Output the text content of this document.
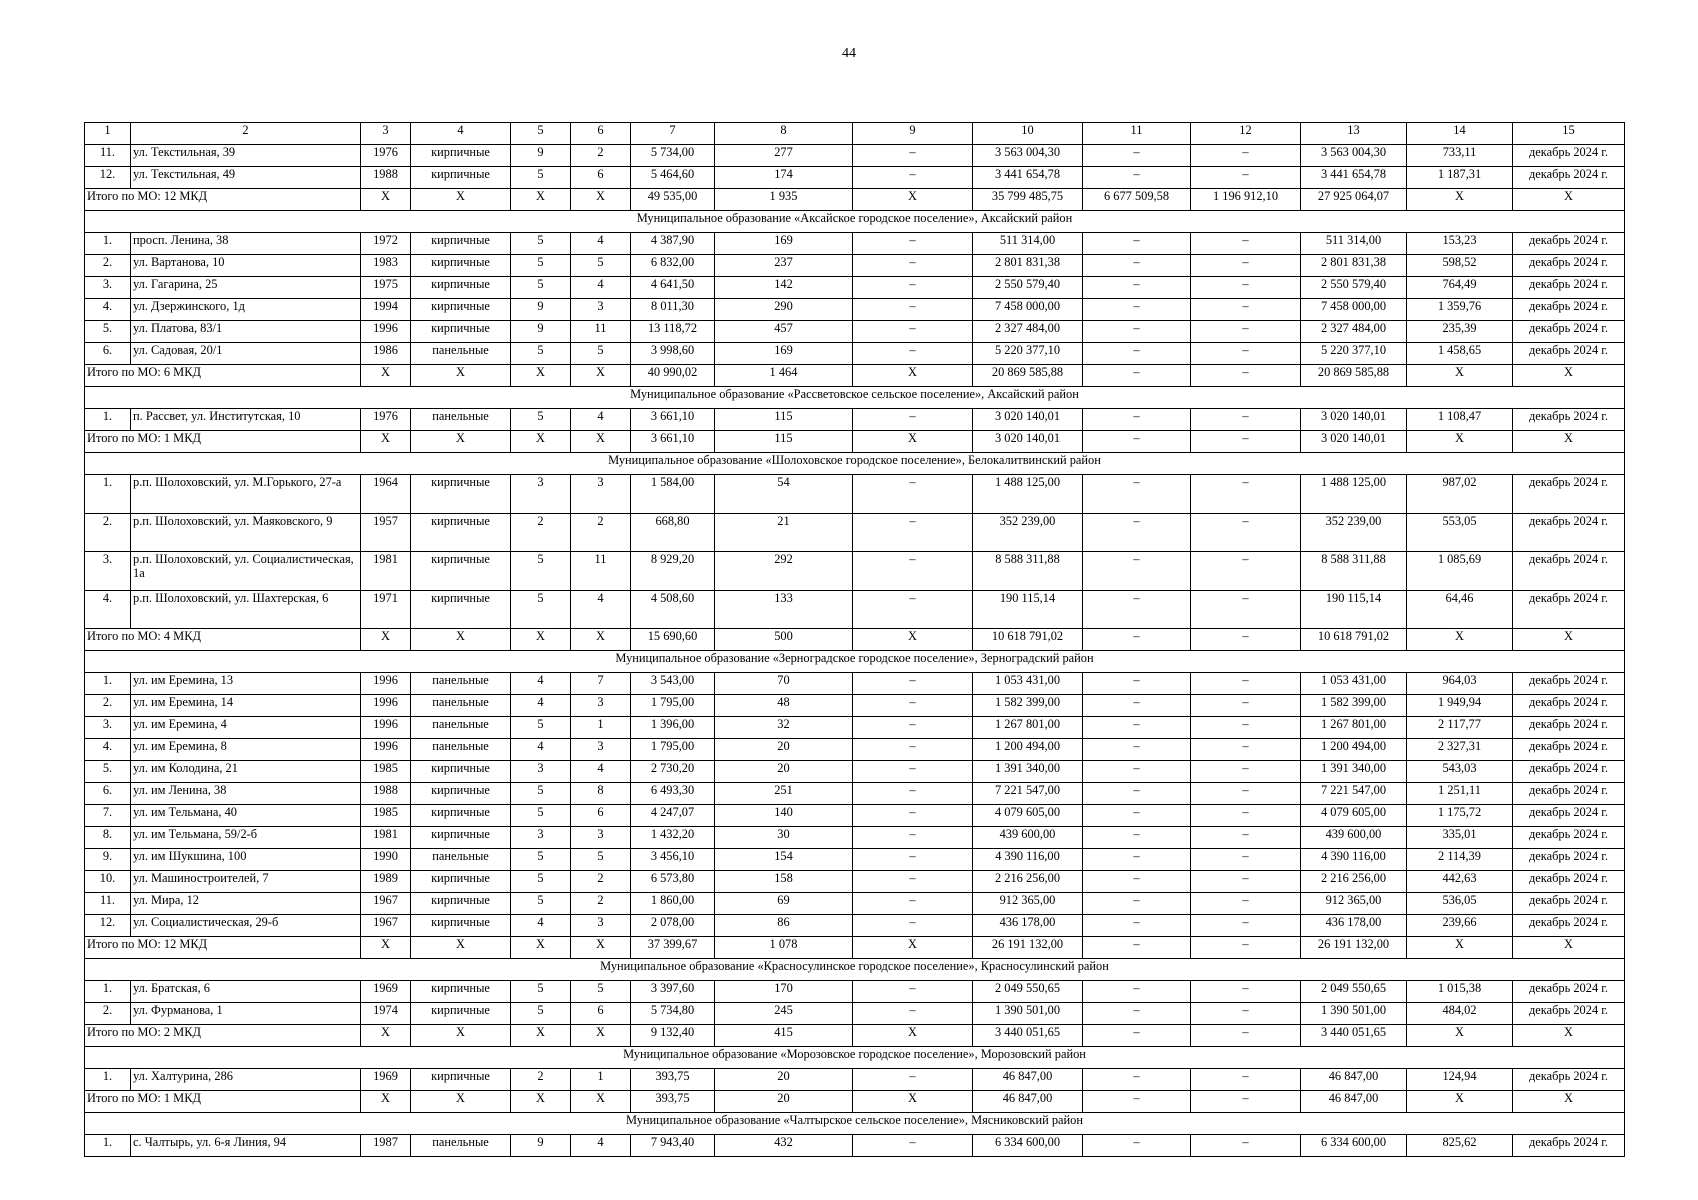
44
1	2	3	4	5	6	7	8	9	10	11	12	13	14	15
11.	ул. Текстильная, 39	1976	кирпичные	9	2	5 734,00	277	–	3 563 004,30	–	–	3 563 004,30	733,11	декабрь 2024 г.
12.	ул. Текстильная, 49	1988	кирпичные	5	6	5 464,60	174	–	3 441 654,78	–	–	3 441 654,78	1 187,31	декабрь 2024 г.
Итого по МО: 12 МКД		X	X	X	X	49 535,00	1 935	X	35 799 485,75	6 677 509,58	1 196 912,10	27 925 064,07	X	X
Муниципальное образование «Аксайское городское поселение», Аксайский район														
1.	просп. Ленина, 38	1972	кирпичные	5	4	4 387,90	169	–	511 314,00	–	–	511 314,00	153,23	декабрь 2024 г.
2.	ул. Вартанова, 10	1983	кирпичные	5	5	6 832,00	237	–	2 801 831,38	–	–	2 801 831,38	598,52	декабрь 2024 г.
3.	ул. Гагарина, 25	1975	кирпичные	5	4	4 641,50	142	–	2 550 579,40	–	–	2 550 579,40	764,49	декабрь 2024 г.
4.	ул. Дзержинского, 1д	1994	кирпичные	9	3	8 011,30	290	–	7 458 000,00	–	–	7 458 000,00	1 359,76	декабрь 2024 г.
5.	ул. Платова, 83/1	1996	кирпичные	9	11	13 118,72	457	–	2 327 484,00	–	–	2 327 484,00	235,39	декабрь 2024 г.
6.	ул. Садовая, 20/1	1986	панельные	5	5	3 998,60	169	–	5 220 377,10	–	–	5 220 377,10	1 458,65	декабрь 2024 г.
Итого по МО: 6 МКД		X	X	X	X	40 990,02	1 464	X	20 869 585,88	–	–	20 869 585,88	X	X
Муниципальное образование «Рассветовское сельское поселение», Аксайский район														
1.	п. Рассвет, ул. Институтская, 10	1976	панельные	5	4	3 661,10	115	–	3 020 140,01	–	–	3 020 140,01	1 108,47	декабрь 2024 г.
Итого по МО: 1 МКД		X	X	X	X	3 661,10	115	X	3 020 140,01	–	–	3 020 140,01	X	X
Муниципальное образование «Шолоховское городское поселение», Белокалитвинский район														
1.	р.п. Шолоховский, ул. М.Горького, 27-а	1964	кирпичные	3	3	1 584,00	54	–	1 488 125,00	–	–	1 488 125,00	987,02	декабрь 2024 г.
2.	р.п. Шолоховский, ул. Маяковского, 9	1957	кирпичные	2	2	668,80	21	–	352 239,00	–	–	352 239,00	553,05	декабрь 2024 г.
3.	р.п. Шолоховский, ул. Социалистическая, 1а	1981	кирпичные	5	11	8 929,20	292	–	8 588 311,88	–	–	8 588 311,88	1 085,69	декабрь 2024 г.
4.	р.п. Шолоховский, ул. Шахтерская, 6	1971	кирпичные	5	4	4 508,60	133	–	190 115,14	–	–	190 115,14	64,46	декабрь 2024 г.
Итого по МО: 4 МКД		X	X	X	X	15 690,60	500	X	10 618 791,02	–	–	10 618 791,02	X	X
Муниципальное образование «Зерноградское городское поселение», Зерноградский район														
1.	ул. им Еремина, 13	1996	панельные	4	7	3 543,00	70	–	1 053 431,00	–	–	1 053 431,00	964,03	декабрь 2024 г.
2.	ул. им Еремина, 14	1996	панельные	4	3	1 795,00	48	–	1 582 399,00	–	–	1 582 399,00	1 949,94	декабрь 2024 г.
3.	ул. им Еремина, 4	1996	панельные	5	1	1 396,00	32	–	1 267 801,00	–	–	1 267 801,00	2 117,77	декабрь 2024 г.
4.	ул. им Еремина, 8	1996	панельные	4	3	1 795,00	20	–	1 200 494,00	–	–	1 200 494,00	2 327,31	декабрь 2024 г.
5.	ул. им Колодина, 21	1985	кирпичные	3	4	2 730,20	20	–	1 391 340,00	–	–	1 391 340,00	543,03	декабрь 2024 г.
6.	ул. им Ленина, 38	1988	кирпичные	5	8	6 493,30	251	–	7 221 547,00	–	–	7 221 547,00	1 251,11	декабрь 2024 г.
7.	ул. им Тельмана, 40	1985	кирпичные	5	6	4 247,07	140	–	4 079 605,00	–	–	4 079 605,00	1 175,72	декабрь 2024 г.
8.	ул. им Тельмана, 59/2-б	1981	кирпичные	3	3	1 432,20	30	–	439 600,00	–	–	439 600,00	335,01	декабрь 2024 г.
9.	ул. им Шукшина, 100	1990	панельные	5	5	3 456,10	154	–	4 390 116,00	–	–	4 390 116,00	2 114,39	декабрь 2024 г.
10.	ул. Машиностроителей, 7	1989	кирпичные	5	2	6 573,80	158	–	2 216 256,00	–	–	2 216 256,00	442,63	декабрь 2024 г.
11.	ул. Мира, 12	1967	кирпичные	5	2	1 860,00	69	–	912 365,00	–	–	912 365,00	536,05	декабрь 2024 г.
12.	ул. Социалистическая, 29-б	1967	кирпичные	4	3	2 078,00	86	–	436 178,00	–	–	436 178,00	239,66	декабрь 2024 г.
Итого по МО: 12 МКД		X	X	X	X	37 399,67	1 078	X	26 191 132,00	–	–	26 191 132,00	X	X
Муниципальное образование «Красносулинское городское поселение», Красносулинский район														
1.	ул. Братская, 6	1969	кирпичные	5	5	3 397,60	170	–	2 049 550,65	–	–	2 049 550,65	1 015,38	декабрь 2024 г.
2.	ул. Фурманова, 1	1974	кирпичные	5	6	5 734,80	245	–	1 390 501,00	–	–	1 390 501,00	484,02	декабрь 2024 г.
Итого по МО: 2 МКД		X	X	X	X	9 132,40	415	X	3 440 051,65	–	–	3 440 051,65	X	X
Муниципальное образование «Морозовское городское поселение», Морозовский район														
1.	ул. Халтурина, 286	1969	кирпичные	2	1	393,75	20	–	46 847,00	–	–	46 847,00	124,94	декабрь 2024 г.
Итого по МО: 1 МКД		X	X	X	X	393,75	20	X	46 847,00	–	–	46 847,00	X	X
Муниципальное образование «Чалтырское сельское поселение», Мясниковский район														
1.	с. Чалтырь, ул. 6-я Линия, 94	1987	панельные	9	4	7 943,40	432	–	6 334 600,00	–	–	6 334 600,00	825,62	декабрь 2024 г.
